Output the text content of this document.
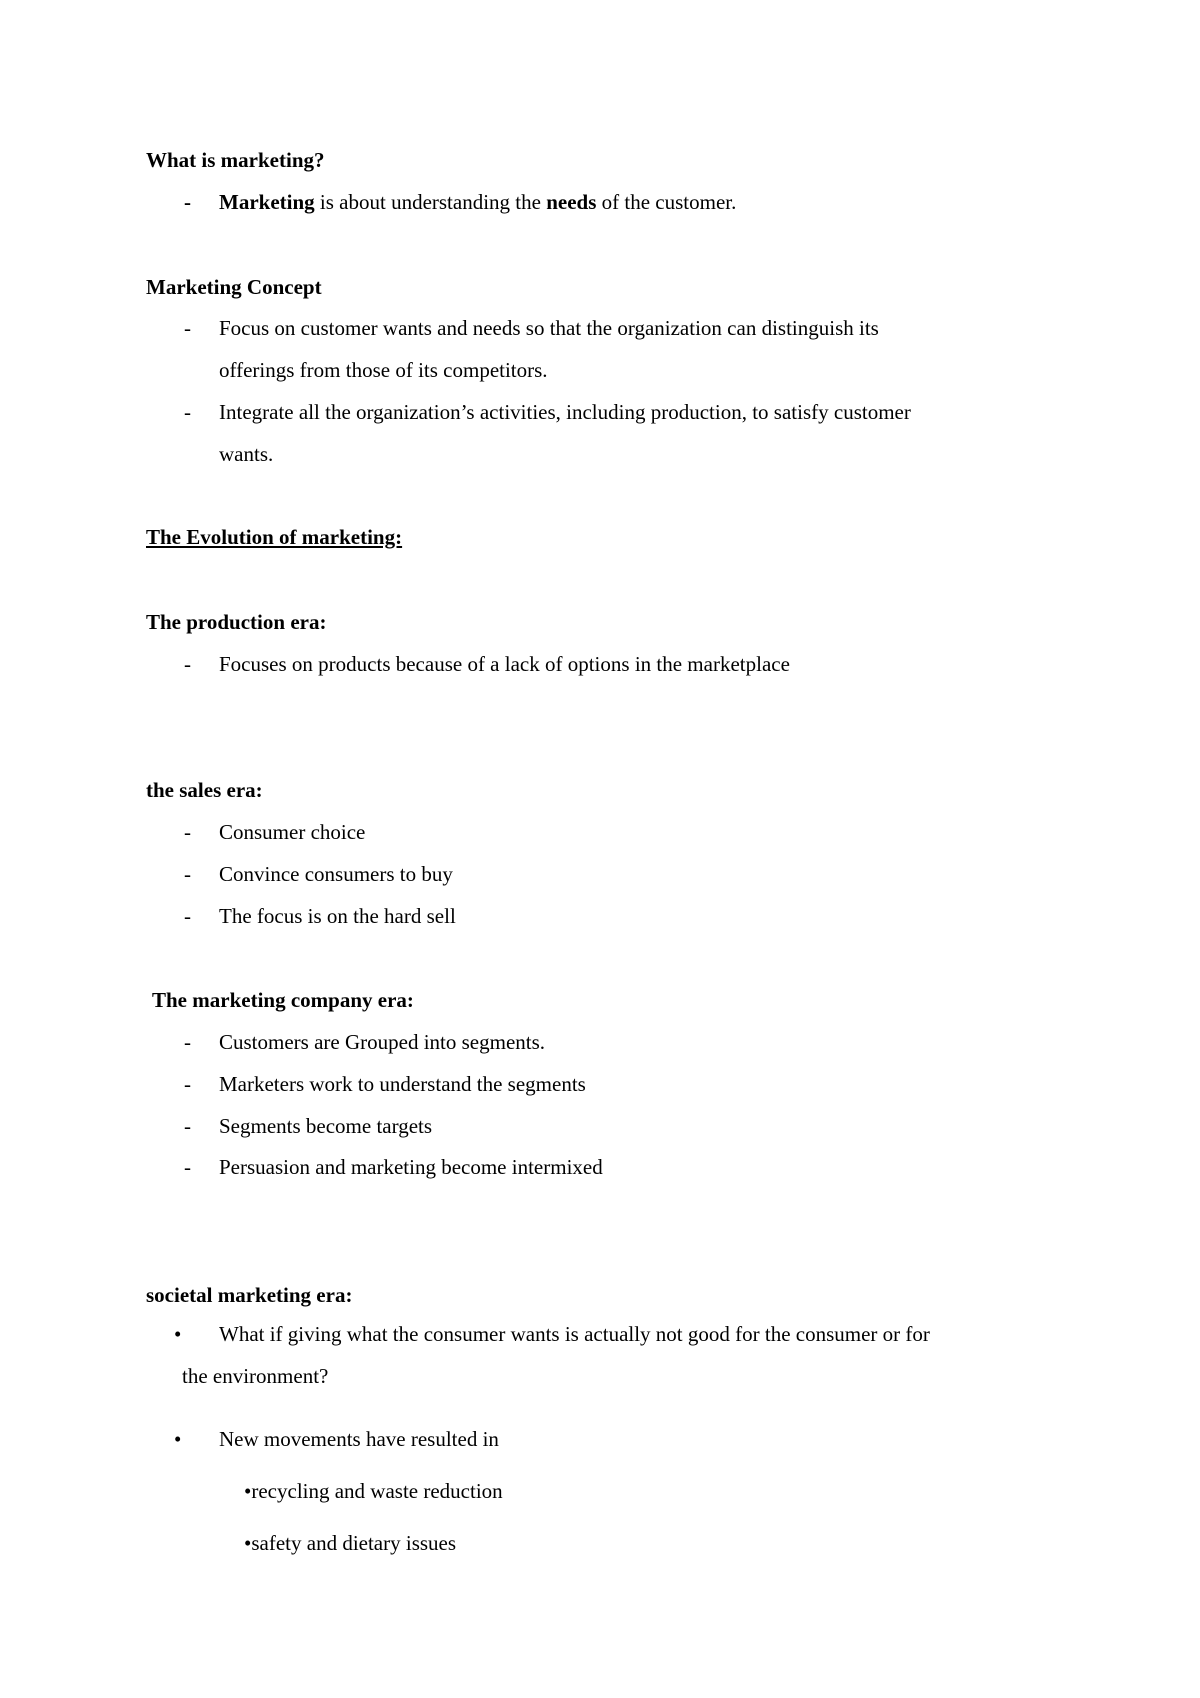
What is marketing?
- Marketing is about understanding the needs of the customer.
Marketing Concept
- Focus on customer wants and needs so that the organization can distinguish its
offerings from those of its competitors.
- Integrate all the organization’s activities, including production, to satisfy customer
wants.
The Evolution of marketing:
The production era:
- Focuses on products because of a lack of options in the marketplace
the sales era:
- Consumer choice
- Convince consumers to buy
- The focus is on the hard sell
The marketing company era:
- Customers are Grouped into segments.
- Marketers work to understand the segments
- Segments become targets
- Persuasion and marketing become intermixed
societal marketing era:
• What if giving what the consumer wants is actually not good for the consumer or for
the environment?
• New movements have resulted in
•recycling and waste reduction
•safety and dietary issues
